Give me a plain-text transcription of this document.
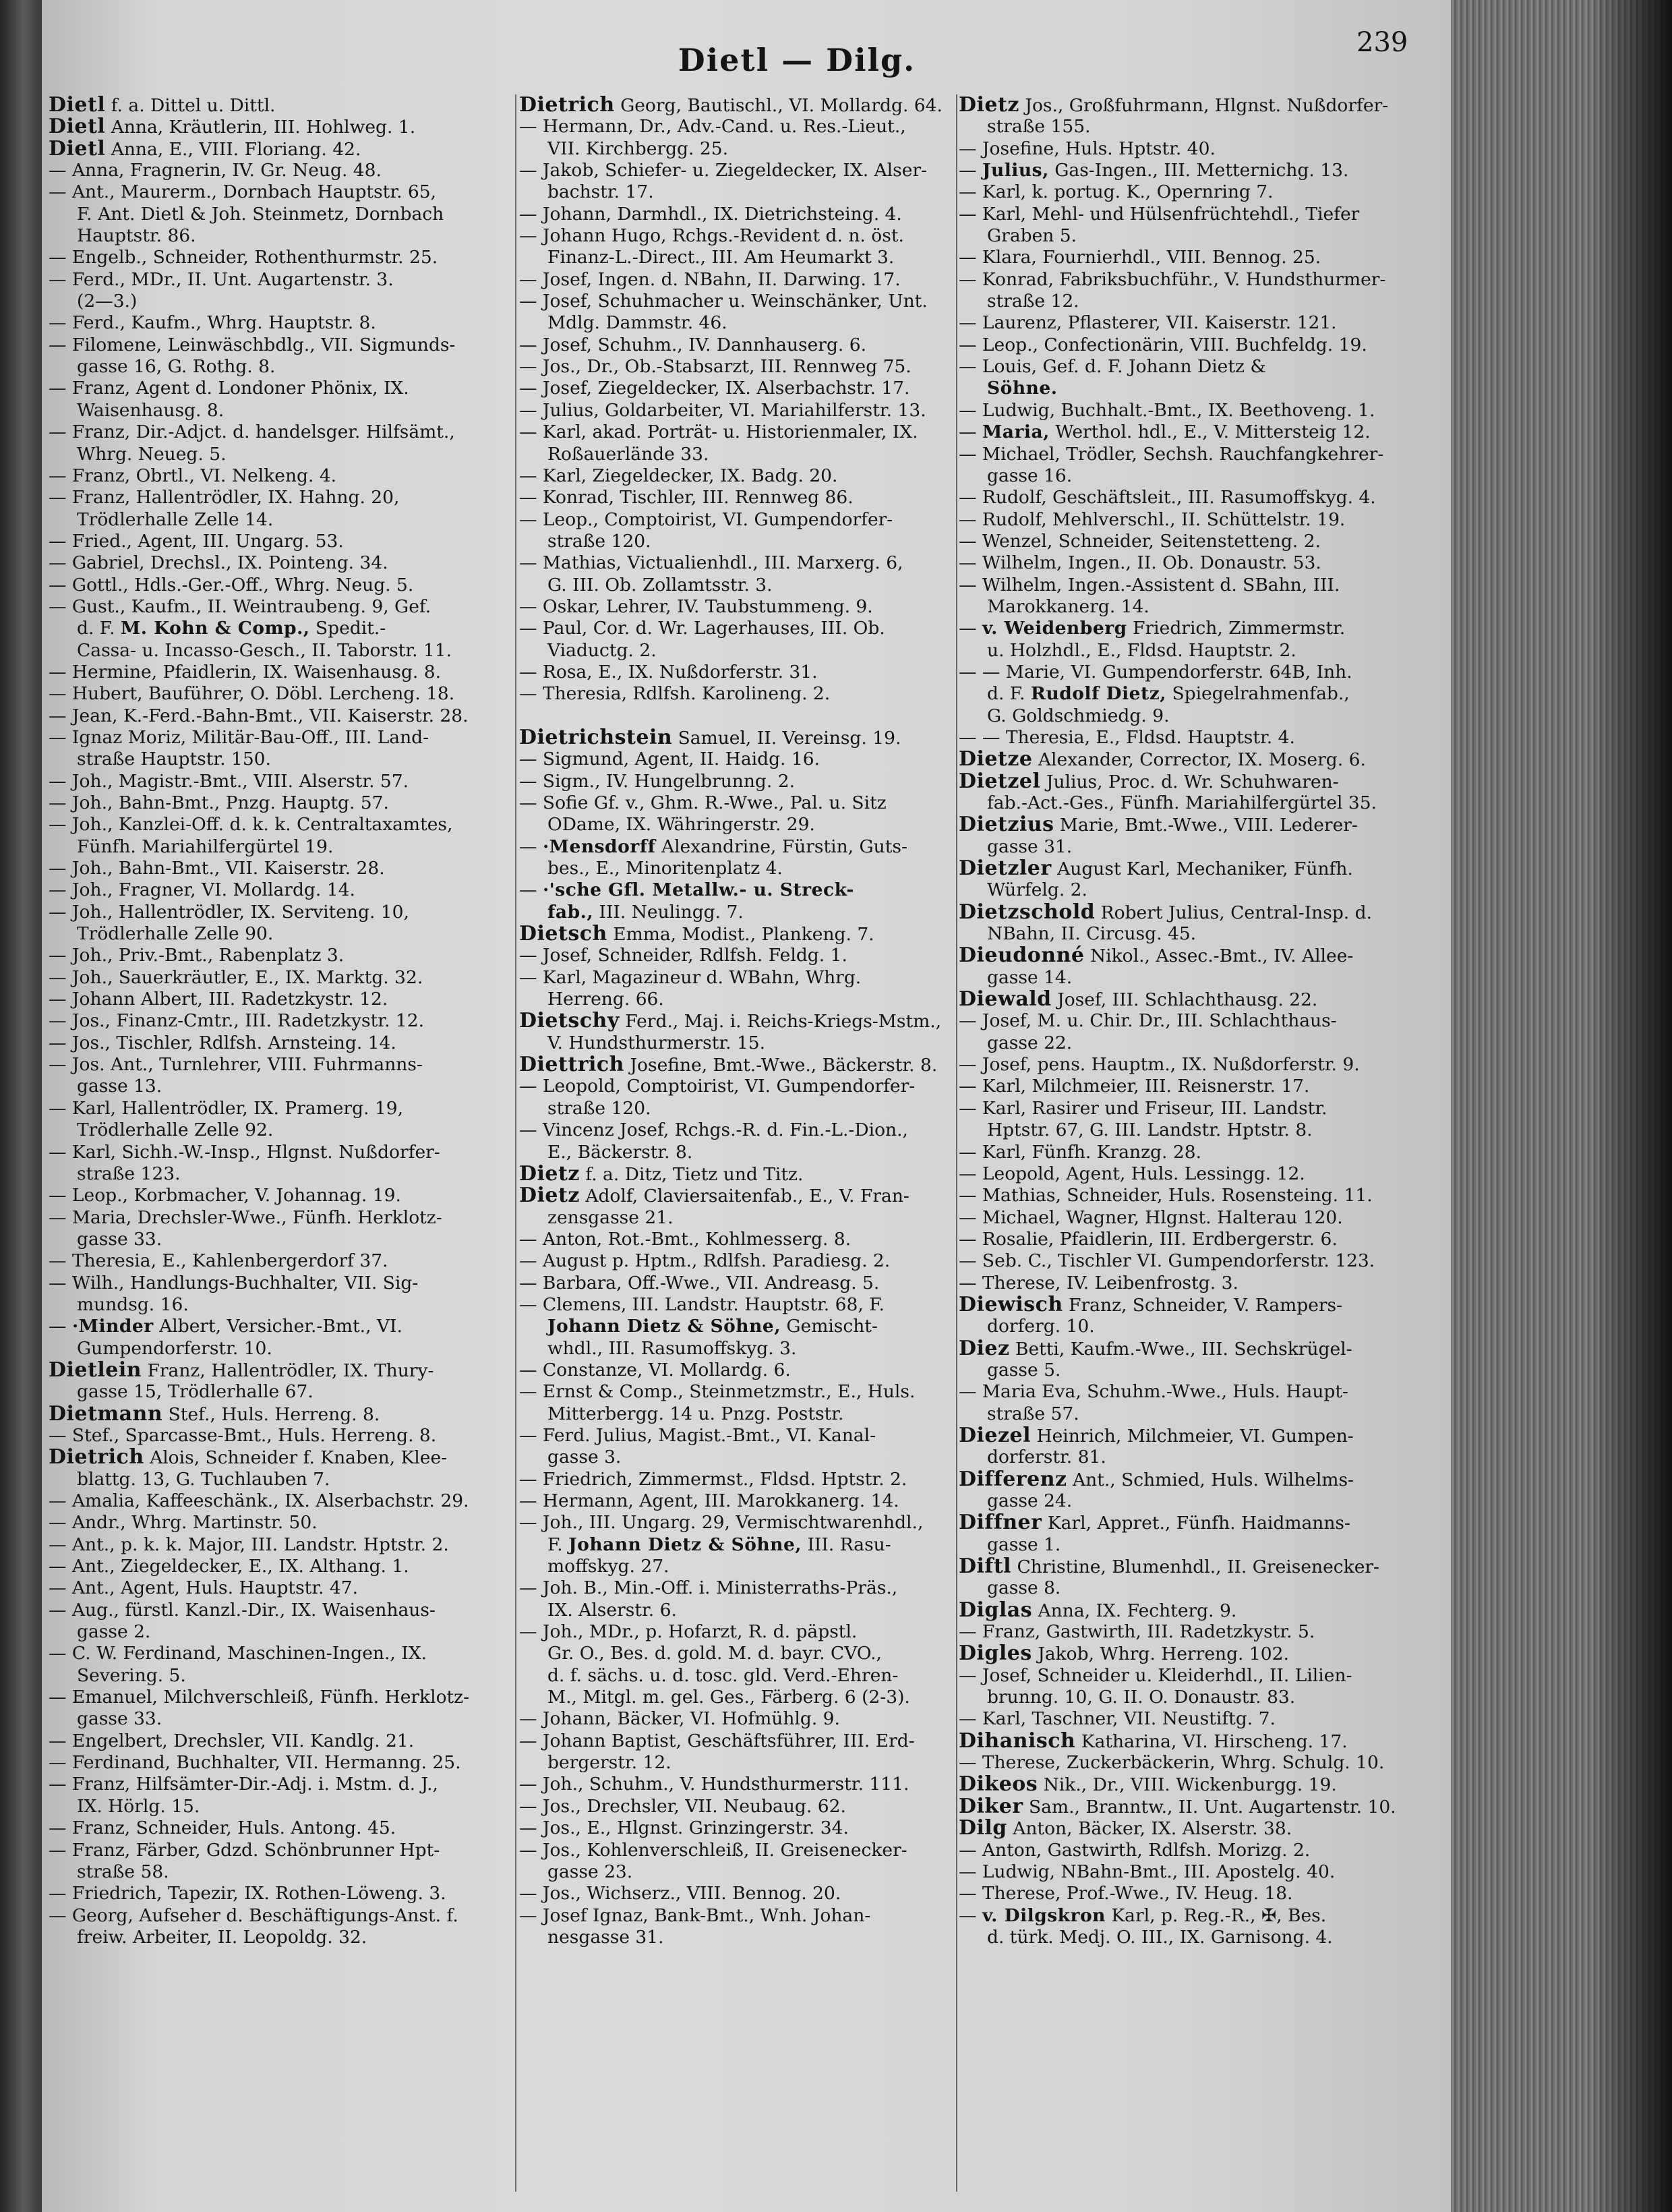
Dietl — Dilg.	239
Dietl f. a. Dittel u. Dittl.
Dietl Anna, Kräutlerin, III. Hohlweg. 1.
Dietl Anna, E., VIII. Floriang. 42.
— Anna, Fragnerin, IV. Gr. Neug. 48.
— Ant., Maurerm., Dornbach Hauptstr. 65,
F. Ant. Dietl & Joh. Steinmetz, Dornbach
Hauptstr. 86.
— Engelb., Schneider, Rothenthurmstr. 25.
— Ferd., MDr., II. Unt. Augartenstr. 3.
(2—3.)
— Ferd., Kaufm., Whrg. Hauptstr. 8.
— Filomene, Leinwäschbdlg., VII. Sigmunds-
gasse 16, G. Rothg. 8.
— Franz, Agent d. Londoner Phönix, IX.
Waisenhausg. 8.
— Franz, Dir.-Adjct. d. handelsger. Hilfsämt.,
Whrg. Neueg. 5.
— Franz, Obrtl., VI. Nelkeng. 4.
— Franz, Hallentrödler, IX. Hahng. 20,
Trödlerhalle Zelle 14.
— Fried., Agent, III. Ungarg. 53.
— Gabriel, Drechsl., IX. Pointeng. 34.
— Gottl., Hdls.-Ger.-Off., Whrg. Neug. 5.
— Gust., Kaufm., II. Weintraubeng. 9, Gef.
d. F. M. Kohn & Comp., Spedit.-
Cassa- u. Incasso-Gesch., II. Taborstr. 11.
— Hermine, Pfaidlerin, IX. Waisenhausg. 8.
— Hubert, Bauführer, O. Döbl. Lercheng. 18.
— Jean, K.-Ferd.-Bahn-Bmt., VII. Kaiserstr. 28.
— Ignaz Moriz, Militär-Bau-Off., III. Land-
straße Hauptstr. 150.
— Joh., Magistr.-Bmt., VIII. Alserstr. 57.
— Joh., Bahn-Bmt., Pnzg. Hauptg. 57.
— Joh., Kanzlei-Off. d. k. k. Centraltaxamtes,
Fünfh. Mariahilfergürtel 19.
— Joh., Bahn-Bmt., VII. Kaiserstr. 28.
— Joh., Fragner, VI. Mollardg. 14.
— Joh., Hallentrödler, IX. Serviteng. 10,
Trödlerhalle Zelle 90.
— Joh., Priv.-Bmt., Rabenplatz 3.
— Joh., Sauerkräutler, E., IX. Marktg. 32.
— Johann Albert, III. Radetzkystr. 12.
— Jos., Finanz-Cmtr., III. Radetzkystr. 12.
— Jos., Tischler, Rdlfsh. Arnsteing. 14.
— Jos. Ant., Turnlehrer, VIII. Fuhrmanns-
gasse 13.
— Karl, Hallentrödler, IX. Pramerg. 19,
Trödlerhalle Zelle 92.
— Karl, Sichh.-W.-Insp., Hlgnst. Nußdorfer-
straße 123.
— Leop., Korbmacher, V. Johannag. 19.
— Maria, Drechsler-Wwe., Fünfh. Herklotz-
gasse 33.
— Theresia, E., Kahlenbergerdorf 37.
— Wilh., Handlungs-Buchhalter, VII. Sig-
mundsg. 16.
— ·Minder Albert, Versicher.-Bmt., VI.
Gumpendorferstr. 10.
Dietlein Franz, Hallentrödler, IX. Thury-
gasse 15, Trödlerhalle 67.
Dietmann Stef., Huls. Herreng. 8.
— Stef., Sparcasse-Bmt., Huls. Herreng. 8.
Dietrich Alois, Schneider f. Knaben, Klee-
blattg. 13, G. Tuchlauben 7.
— Amalia, Kaffeeschänk., IX. Alserbachstr. 29.
— Andr., Whrg. Martinstr. 50.
— Ant., p. k. k. Major, III. Landstr. Hptstr. 2.
— Ant., Ziegeldecker, E., IX. Althang. 1.
— Ant., Agent, Huls. Hauptstr. 47.
— Aug., fürstl. Kanzl.-Dir., IX. Waisenhaus-
gasse 2.
— C. W. Ferdinand, Maschinen-Ingen., IX.
Severing. 5.
— Emanuel, Milchverschleiß, Fünfh. Herklotz-
gasse 33.
— Engelbert, Drechsler, VII. Kandlg. 21.
— Ferdinand, Buchhalter, VII. Hermanng. 25.
— Franz, Hilfsämter-Dir.-Adj. i. Mstm. d. J.,
IX. Hörlg. 15.
— Franz, Schneider, Huls. Antong. 45.
— Franz, Färber, Gdzd. Schönbrunner Hpt-
straße 58.
— Friedrich, Tapezir, IX. Rothen-Löweng. 3.
— Georg, Aufseher d. Beschäftigungs-Anst. f.
freiw. Arbeiter, II. Leopoldg. 32.
Dietrich Georg, Bautischl., VI. Mollardg. 64.
— Hermann, Dr., Adv.-Cand. u. Res.-Lieut.,
VII. Kirchbergg. 25.
— Jakob, Schiefer- u. Ziegeldecker, IX. Alser-
bachstr. 17.
— Johann, Darmhdl., IX. Dietrichsteing. 4.
— Johann Hugo, Rchgs.-Revident d. n. öst.
Finanz-L.-Direct., III. Am Heumarkt 3.
— Josef, Ingen. d. NBahn, II. Darwing. 17.
— Josef, Schuhmacher u. Weinschänker, Unt.
Mdlg. Dammstr. 46.
— Josef, Schuhm., IV. Dannhauserg. 6.
— Jos., Dr., Ob.-Stabsarzt, III. Rennweg 75.
— Josef, Ziegeldecker, IX. Alserbachstr. 17.
— Julius, Goldarbeiter, VI. Mariahilferstr. 13.
— Karl, akad. Porträt- u. Historienmaler, IX.
Roßauerlände 33.
— Karl, Ziegeldecker, IX. Badg. 20.
— Konrad, Tischler, III. Rennweg 86.
— Leop., Comptoirist, VI. Gumpendorfer-
straße 120.
— Mathias, Victualienhdl., III. Marxerg. 6,
G. III. Ob. Zollamtsstr. 3.
— Oskar, Lehrer, IV. Taubstummeng. 9.
— Paul, Cor. d. Wr. Lagerhauses, III. Ob.
Viaductg. 2.
— Rosa, E., IX. Nußdorferstr. 31.
— Theresia, Rdlfsh. Karolineng. 2.
Dietrichstein Samuel, II. Vereinsg. 19.
— Sigmund, Agent, II. Haidg. 16.
— Sigm., IV. Hungelbrunng. 2.
— Sofie Gf. v., Ghm. R.-Wwe., Pal. u. Sitz
ODame, IX. Währingerstr. 29.
— ·Mensdorff Alexandrine, Fürstin, Guts-
bes., E., Minoritenplatz 4.
— ·'sche Gfl. Metallw.- u. Streck-
fab., III. Neulingg. 7.
Dietsch Emma, Modist., Plankeng. 7.
— Josef, Schneider, Rdlfsh. Feldg. 1.
— Karl, Magazineur d. WBahn, Whrg.
Herreng. 66.
Dietschy Ferd., Maj. i. Reichs-Kriegs-Mstm.,
V. Hundsthurmerstr. 15.
Diettrich Josefine, Bmt.-Wwe., Bäckerstr. 8.
— Leopold, Comptoirist, VI. Gumpendorfer-
straße 120.
— Vincenz Josef, Rchgs.-R. d. Fin.-L.-Dion.,
E., Bäckerstr. 8.
Dietz f. a. Ditz, Tietz und Titz.
Dietz Adolf, Claviersaitenfab., E., V. Fran-
zensgasse 21.
— Anton, Rot.-Bmt., Kohlmesserg. 8.
— August p. Hptm., Rdlfsh. Paradiesg. 2.
— Barbara, Off.-Wwe., VII. Andreasg. 5.
— Clemens, III. Landstr. Hauptstr. 68, F.
Johann Dietz & Söhne, Gemischt-
whdl., III. Rasumoffskyg. 3.
— Constanze, VI. Mollardg. 6.
— Ernst & Comp., Steinmetzmstr., E., Huls.
Mitterbergg. 14 u. Pnzg. Poststr.
— Ferd. Julius, Magist.-Bmt., VI. Kanal-
gasse 3.
— Friedrich, Zimmermst., Fldsd. Hptstr. 2.
— Hermann, Agent, III. Marokkanerg. 14.
— Joh., III. Ungarg. 29, Vermischtwarenhdl.,
F. Johann Dietz & Söhne, III. Rasu-
moffskyg. 27.
— Joh. B., Min.-Off. i. Ministerraths-Präs.,
IX. Alserstr. 6.
— Joh., MDr., p. Hofarzt, R. d. päpstl.
Gr. O., Bes. d. gold. M. d. bayr. CVO.,
d. f. sächs. u. d. tosc. gld. Verd.-Ehren-
M., Mitgl. m. gel. Ges., Färberg. 6 (2-3).
— Johann, Bäcker, VI. Hofmühlg. 9.
— Johann Baptist, Geschäftsführer, III. Erd-
bergerstr. 12.
— Joh., Schuhm., V. Hundsthurmerstr. 111.
— Jos., Drechsler, VII. Neubaug. 62.
— Jos., E., Hlgnst. Grinzingerstr. 34.
— Jos., Kohlenverschleiß, II. Greisenecker-
gasse 23.
— Jos., Wichserz., VIII. Bennog. 20.
— Josef Ignaz, Bank-Bmt., Wnh. Johan-
nesgasse 31.
Dietz Jos., Großfuhrmann, Hlgnst. Nußdorfer-
straße 155.
— Josefine, Huls. Hptstr. 40.
— Julius, Gas-Ingen., III. Metternichg. 13.
— Karl, k. portug. K., Opernring 7.
— Karl, Mehl- und Hülsenfrüchtehdl., Tiefer
Graben 5.
— Klara, Fournierhdl., VIII. Bennog. 25.
— Konrad, Fabriksbuchführ., V. Hundsthurmer-
straße 12.
— Laurenz, Pflasterer, VII. Kaiserstr. 121.
— Leop., Confectionärin, VIII. Buchfeldg. 19.
— Louis, Gef. d. F. Johann Dietz &
Söhne.
— Ludwig, Buchhalt.-Bmt., IX. Beethoveng. 1.
— Maria, Werthol. hdl., E., V. Mittersteig 12.
— Michael, Trödler, Sechsh. Rauchfangkehrer-
gasse 16.
— Rudolf, Geschäftsleit., III. Rasumoffskyg. 4.
— Rudolf, Mehlverschl., II. Schüttelstr. 19.
— Wenzel, Schneider, Seitenstetteng. 2.
— Wilhelm, Ingen., II. Ob. Donaustr. 53.
— Wilhelm, Ingen.-Assistent d. SBahn, III.
Marokkanerg. 14.
— v. Weidenberg Friedrich, Zimmermstr.
u. Holzhdl., E., Fldsd. Hauptstr. 2.
— — Marie, VI. Gumpendorferstr. 64B, Inh.
d. F. Rudolf Dietz, Spiegelrahmenfab.,
G. Goldschmiedg. 9.
— — Theresia, E., Fldsd. Hauptstr. 4.
Dietze Alexander, Corrector, IX. Moserg. 6.
Dietzel Julius, Proc. d. Wr. Schuhwaren-
fab.-Act.-Ges., Fünfh. Mariahilfergürtel 35.
Dietzius Marie, Bmt.-Wwe., VIII. Lederer-
gasse 31.
Dietzler August Karl, Mechaniker, Fünfh.
Würfelg. 2.
Dietzschold Robert Julius, Central-Insp. d.
NBahn, II. Circusg. 45.
Dieudonné Nikol., Assec.-Bmt., IV. Allee-
gasse 14.
Diewald Josef, III. Schlachthausg. 22.
— Josef, M. u. Chir. Dr., III. Schlachthaus-
gasse 22.
— Josef, pens. Hauptm., IX. Nußdorferstr. 9.
— Karl, Milchmeier, III. Reisnerstr. 17.
— Karl, Rasirer und Friseur, III. Landstr.
Hptstr. 67, G. III. Landstr. Hptstr. 8.
— Karl, Fünfh. Kranzg. 28.
— Leopold, Agent, Huls. Lessingg. 12.
— Mathias, Schneider, Huls. Rosensteing. 11.
— Michael, Wagner, Hlgnst. Halterau 120.
— Rosalie, Pfaidlerin, III. Erdbergerstr. 6.
— Seb. C., Tischler VI. Gumpendorferstr. 123.
— Therese, IV. Leibenfrostg. 3.
Diewisch Franz, Schneider, V. Rampers-
dorferg. 10.
Diez Betti, Kaufm.-Wwe., III. Sechskrügel-
gasse 5.
— Maria Eva, Schuhm.-Wwe., Huls. Haupt-
straße 57.
Diezel Heinrich, Milchmeier, VI. Gumpen-
dorferstr. 81.
Differenz Ant., Schmied, Huls. Wilhelms-
gasse 24.
Diffner Karl, Appret., Fünfh. Haidmanns-
gasse 1.
Diftl Christine, Blumenhdl., II. Greisenecker-
gasse 8.
Diglas Anna, IX. Fechterg. 9.
— Franz, Gastwirth, III. Radetzkystr. 5.
Digles Jakob, Whrg. Herreng. 102.
— Josef, Schneider u. Kleiderhdl., II. Lilien-
brunng. 10, G. II. O. Donaustr. 83.
— Karl, Taschner, VII. Neustiftg. 7.
Dihanisch Katharina, VI. Hirscheng. 17.
— Therese, Zuckerbäckerin, Whrg. Schulg. 10.
Dikeos Nik., Dr., VIII. Wickenburgg. 19.
Diker Sam., Branntw., II. Unt. Augartenstr. 10.
Dilg Anton, Bäcker, IX. Alserstr. 38.
— Anton, Gastwirth, Rdlfsh. Morizg. 2.
— Ludwig, NBahn-Bmt., III. Apostelg. 40.
— Therese, Prof.-Wwe., IV. Heug. 18.
— v. Dilgskron Karl, p. Reg.-R., ✠, Bes.
d. türk. Medj. O. III., IX. Garnisong. 4.
